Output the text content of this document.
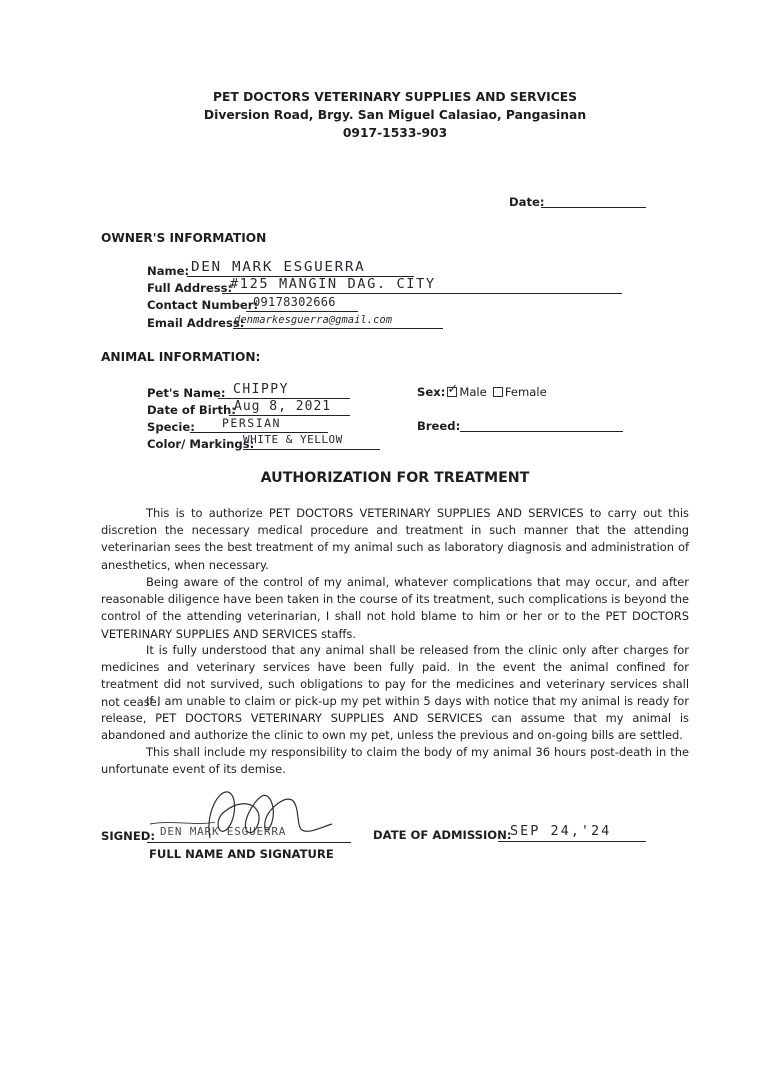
PET DOCTORS VETERINARY SUPPLIES AND SERVICES
Diversion Road, Brgy. San Miguel Calasiao, Pangasinan
0917-1533-903
Date:
OWNER'S INFORMATION
Name: DEN MARK ESGUERRA
Full Address:
#125 MANGIN DAG. CITY
Contact Number:
09178302666
Email Address:
denmarkesguerra@gmail.com
ANIMAL INFORMATION:
Pet's Name: CHIPPY
Date of Birth:
Aug 8, 2021
Specie: PERSIAN
Color/ Markings:
WHITE & YELLOW
Sex: ✓ Male Female
Breed:
AUTHORIZATION FOR TREATMENT

This is to authorize PET DOCTORS VETERINARY SUPPLIES AND SERVICES to carry out this discretion the necessary medical procedure and treatment in such manner that the attending veterinarian sees the best treatment of my animal such as laboratory diagnosis and administration of anesthetics, when necessary.

Being aware of the control of my animal, whatever complications that may occur, and after reasonable diligence have been taken in the course of its treatment, such complications is beyond the control of the attending veterinarian, I shall not hold blame to him or her or to the PET DOCTORS VETERINARY SUPPLIES AND SERVICES staffs.

It is fully understood that any animal shall be released from the clinic only after charges for medicines and veterinary services have been fully paid. In the event the animal confined for treatment did not survived, such obligations to pay for the medicines and veterinary services shall not cease.

If I am unable to claim or pick-up my pet within 5 days with notice that my animal is ready for release, PET DOCTORS VETERINARY SUPPLIES AND SERVICES can assume that my animal is abandoned and authorize the clinic to own my pet, unless the previous and on-going bills are settled.

This shall include my responsibility to claim the body of my animal 36 hours post-death in the unfortunate event of its demise.

SIGNED: DEN MARK ESGUERRA
FULL NAME AND SIGNATURE
DATE OF ADMISSION:
SEP 24,'24
